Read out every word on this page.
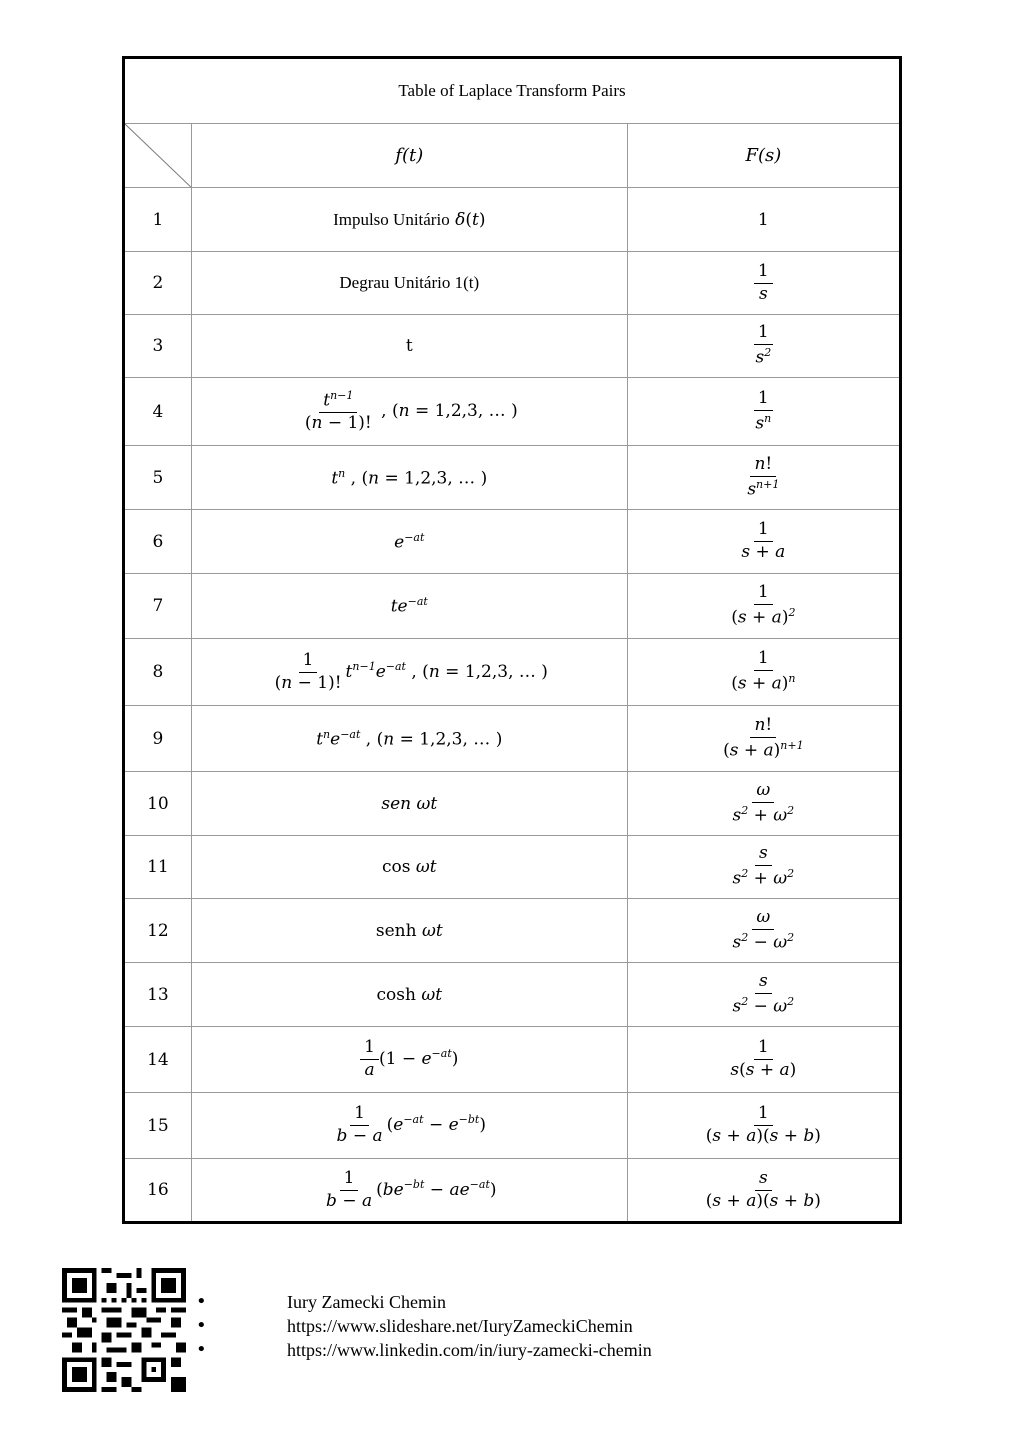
Table of Laplace Transform Pairs		

	f(t)	F(s)
1	Impulso Unitário δ(t)	1
2	Degrau Unitário 1(t)	$\frac{1}{s}$

3	t	$\frac{1}{s^2}$

4	$\frac{t^{n-1}}{(n - 1)!}$ , (n = 1,2,3, … )	$\frac{1}{s^n}$

5	$t^n$ , (n = 1,2,3, … )	$\frac{n!}{s^{n+1}}$

6	$e^{-at}$	$\frac{1}{s + a}$

7	$te^{-at}$	$\frac{1}{(s + a)^2}$

8	$\frac{1}{(n - 1)!} t^{n-1}e^{-at}$ , (n = 1,2,3, … )	$\frac{1}{(s + a)^n}$

9	$t^ne^{-at}$ , (n = 1,2,3, … )	$\frac{n!}{(s + a)^{n+1}}$

10	sen ωt	$\frac{\omega}{s^2 + \omega^2}$

11	cos ωt	$\frac{s}{s^2 + \omega^2}$

12	senh ωt	$\frac{\omega}{s^2 - \omega^2}$

13	cosh ωt	$\frac{s}{s^2 - \omega^2}$

14	$\frac{1}{a} (1 - e^{-at})$	$\frac{1}{s(s + a)}$

15	$\frac{1}{b - a} (e^{-at} - e^{-bt})$	$\frac{1}{(s + a)(s + b)}$

16	$\frac{1}{b - a} (be^{-bt} - ae^{-at})$	$\frac{s}{(s + a)(s + b)}$
•
•
•
Iury Zamecki Chemin
https://www.slideshare.net/IuryZameckiChemin
https://www.linkedin.com/in/iury-zamecki-chemin
